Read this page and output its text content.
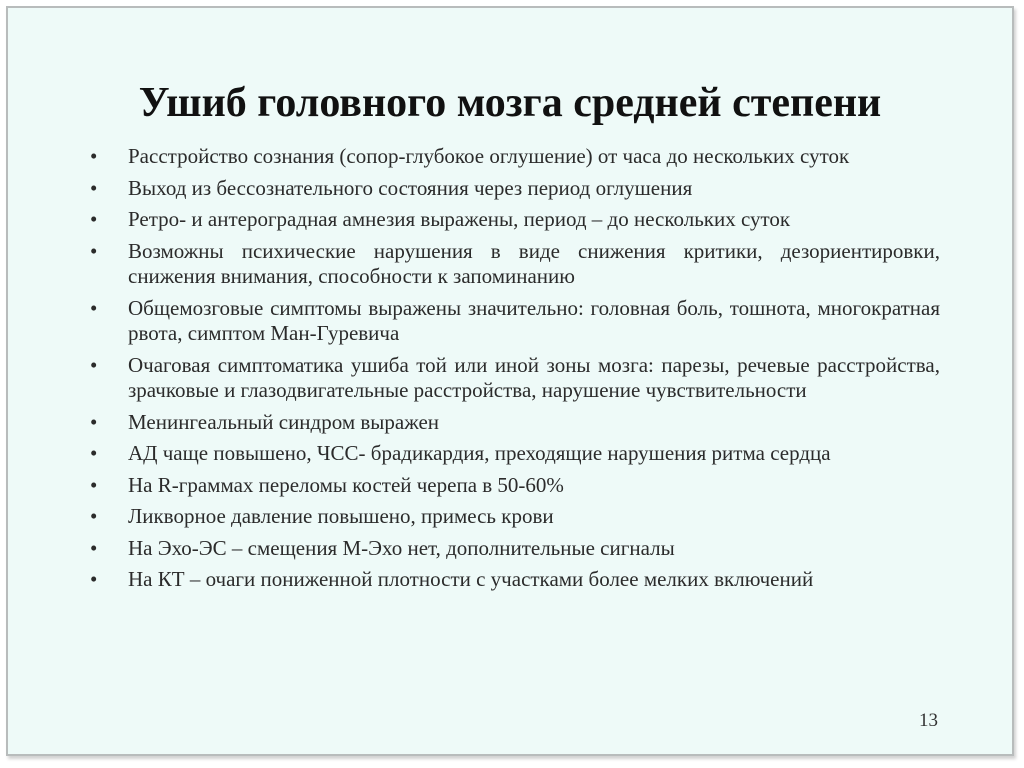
Ушиб головного мозга средней степени
• Расстройство сознания (сопор-глубокое оглушение) от часа до нескольких суток
• Выход из бессознательного состояния через период оглушения
• Ретро- и антероградная амнезия выражены, период – до нескольких суток
• Возможны психические нарушения в виде снижения критики, дезориентировки, снижения внимания, способности к запоминанию
• Общемозговые симптомы выражены значительно: головная боль, тошнота, многократная рвота, симптом Ман-Гуревича
• Очаговая симптоматика ушиба той или иной зоны мозга: парезы, речевые расстройства, зрачковые и глазодвигательные расстройства, нарушение чувствительности
• Менингеальный синдром выражен
• АД чаще повышено, ЧСС- брадикардия, преходящие нарушения ритма сердца
• На R-граммах переломы костей черепа в 50-60%
• Ликворное давление повышено, примесь крови
• На Эхо-ЭС – смещения М-Эхо нет, дополнительные сигналы
• На КТ – очаги пониженной плотности с участками более мелких включений
13
